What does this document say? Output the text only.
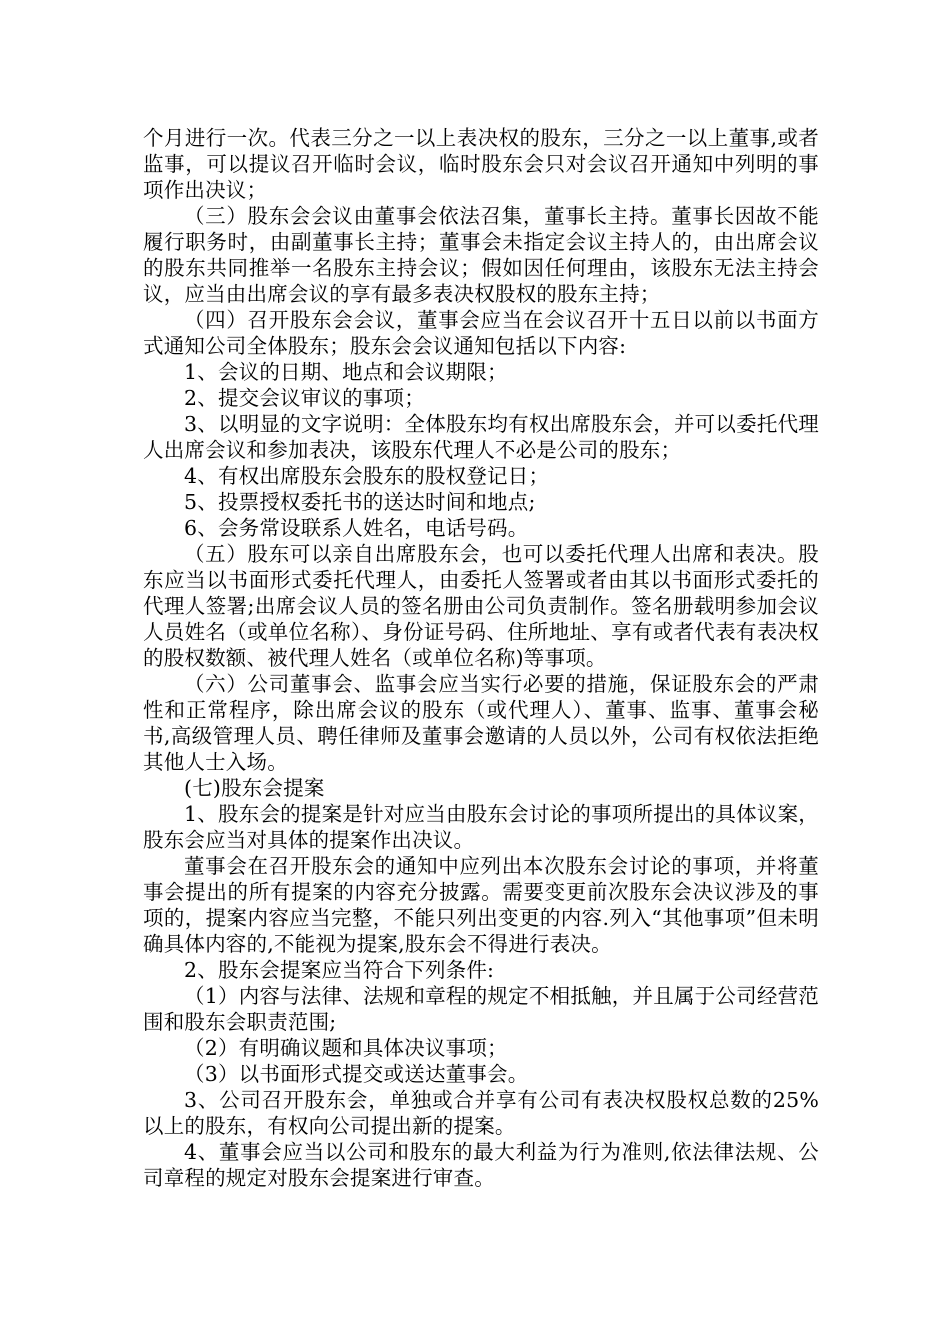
个月进行一次。代表三分之一以上表决权的股东，三分之一以上董事,或者监事，可以提议召开临时会议，临时股东会只对会议召开通知中列明的事项作出决议；

（三）股东会会议由董事会依法召集，董事长主持。董事长因故不能履行职务时，由副董事长主持；董事会未指定会议主持人的，由出席会议的股东共同推举一名股东主持会议；假如因任何理由，该股东无法主持会议，应当由出席会议的享有最多表决权股权的股东主持；

（四）召开股东会会议，董事会应当在会议召开十五日以前以书面方式通知公司全体股东；股东会会议通知包括以下内容:

1、会议的日期、地点和会议期限；

2、提交会议审议的事项；

3、以明显的文字说明：全体股东均有权出席股东会，并可以委托代理人出席会议和参加表决，该股东代理人不必是公司的股东；

4、有权出席股东会股东的股权登记日；

5、投票授权委托书的送达时间和地点;

6、会务常设联系人姓名，电话号码。

（五）股东可以亲自出席股东会，也可以委托代理人出席和表决。股东应当以书面形式委托代理人，由委托人签署或者由其以书面形式委托的代理人签署;出席会议人员的签名册由公司负责制作。签名册载明参加会议人员姓名（或单位名称）、身份证号码、住所地址、享有或者代表有表决权的股权数额、被代理人姓名（或单位名称)等事项。

（六）公司董事会、监事会应当实行必要的措施，保证股东会的严肃性和正常程序，除出席会议的股东（或代理人）、董事、监事、董事会秘书,高级管理人员、聘任律师及董事会邀请的人员以外，公司有权依法拒绝其他人士入场。

(七)股东会提案

1、股东会的提案是针对应当由股东会讨论的事项所提出的具体议案，股东会应当对具体的提案作出决议。

董事会在召开股东会的通知中应列出本次股东会讨论的事项，并将董事会提出的所有提案的内容充分披露。需要变更前次股东会决议涉及的事项的，提案内容应当完整，不能只列出变更的内容.列入“其他事项”但未明确具体内容的,不能视为提案,股东会不得进行表决。

2、股东会提案应当符合下列条件:

（1）内容与法律、法规和章程的规定不相抵触，并且属于公司经营范围和股东会职责范围;

（2）有明确议题和具体决议事项；

（3）以书面形式提交或送达董事会。

3、公司召开股东会，单独或合并享有公司有表决权股权总数的25%以上的股东，有权向公司提出新的提案。

4、董事会应当以公司和股东的最大利益为行为准则,依法律法规、公司章程的规定对股东会提案进行审查。
